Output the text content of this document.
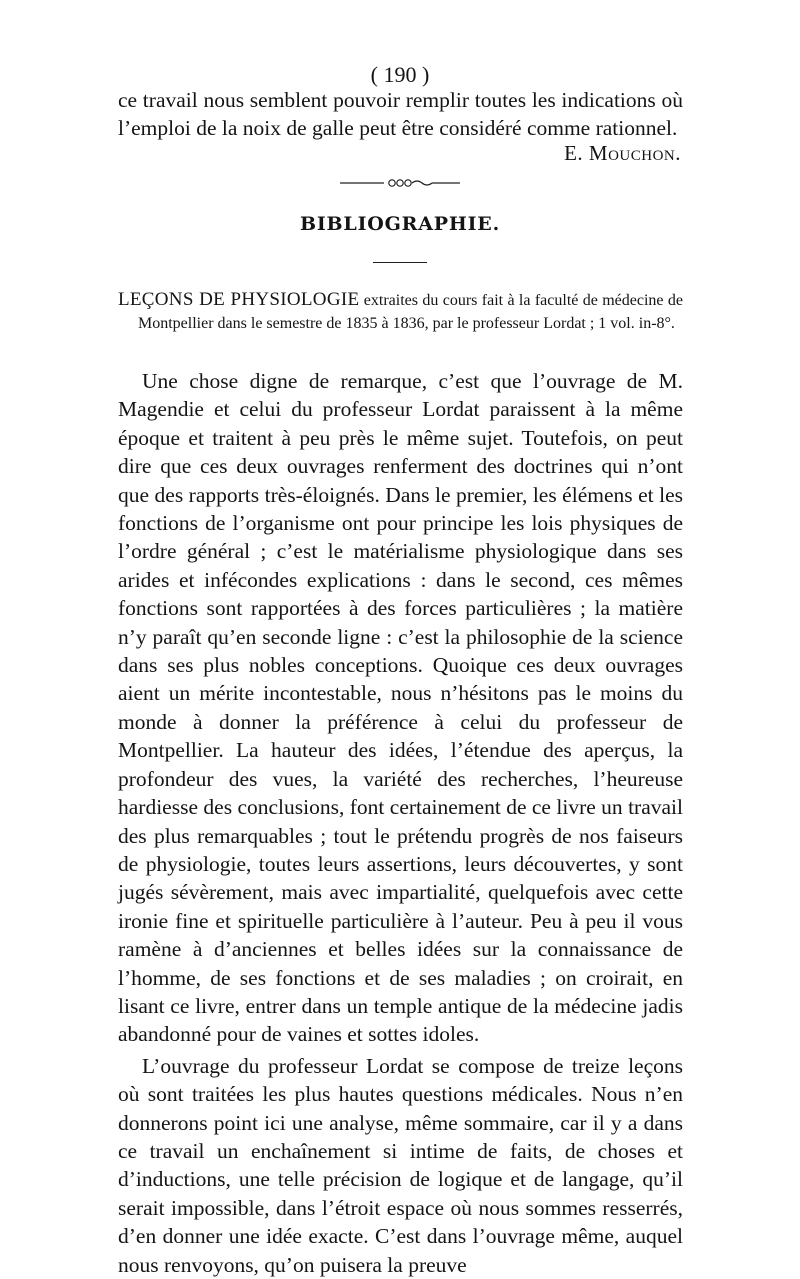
( 190 )

ce travail nous semblent pouvoir remplir toutes les indications où l’emploi de la noix de galle peut être considéré comme rationnel.

E. Mouchon.
BIBLIOGRAPHIE.
LEÇONS DE PHYSIOLOGIE extraites du cours fait à la faculté de médecine de Montpellier dans le semestre de 1835 à 1836, par le professeur Lordat ; 1 vol. in-8°.

Une chose digne de remarque, c’est que l’ouvrage de M. Magendie et celui du professeur Lordat paraissent à la même époque et traitent à peu près le même sujet. Toutefois, on peut dire que ces deux ouvrages renferment des doctrines qui n’ont que des rapports très-éloignés. Dans le premier, les élémens et les fonctions de l’organisme ont pour principe les lois physiques de l’ordre général ; c’est le matérialisme physiologique dans ses arides et infécondes explications : dans le second, ces mêmes fonctions sont rapportées à des forces particulières ; la matière n’y paraît qu’en seconde ligne : c’est la philosophie de la science dans ses plus nobles conceptions. Quoique ces deux ouvrages aient un mérite incontestable, nous n’hésitons pas le moins du monde à donner la préférence à celui du professeur de Montpellier. La hauteur des idées, l’étendue des aperçus, la profondeur des vues, la variété des recherches, l’heureuse hardiesse des conclusions, font certainement de ce livre un travail des plus remarquables ; tout le prétendu progrès de nos faiseurs de physiologie, toutes leurs assertions, leurs découvertes, y sont jugés sévèrement, mais avec impartialité, quelquefois avec cette ironie fine et spirituelle particulière à l’auteur. Peu à peu il vous ramène à d’anciennes et belles idées sur la connaissance de l’homme, de ses fonctions et de ses maladies ; on croirait, en lisant ce livre, entrer dans un temple antique de la médecine jadis abandonné pour de vaines et sottes idoles.

L’ouvrage du professeur Lordat se compose de treize leçons où sont traitées les plus hautes questions médicales. Nous n’en donnerons point ici une analyse, même sommaire, car il y a dans ce travail un enchaînement si intime de faits, de choses et d’inductions, une telle précision de logique et de langage, qu’il serait impossible, dans l’étroit espace où nous sommes resserrés, d’en donner une idée exacte. C’est dans l’ouvrage même, auquel nous renvoyons, qu’on puisera la preuve
